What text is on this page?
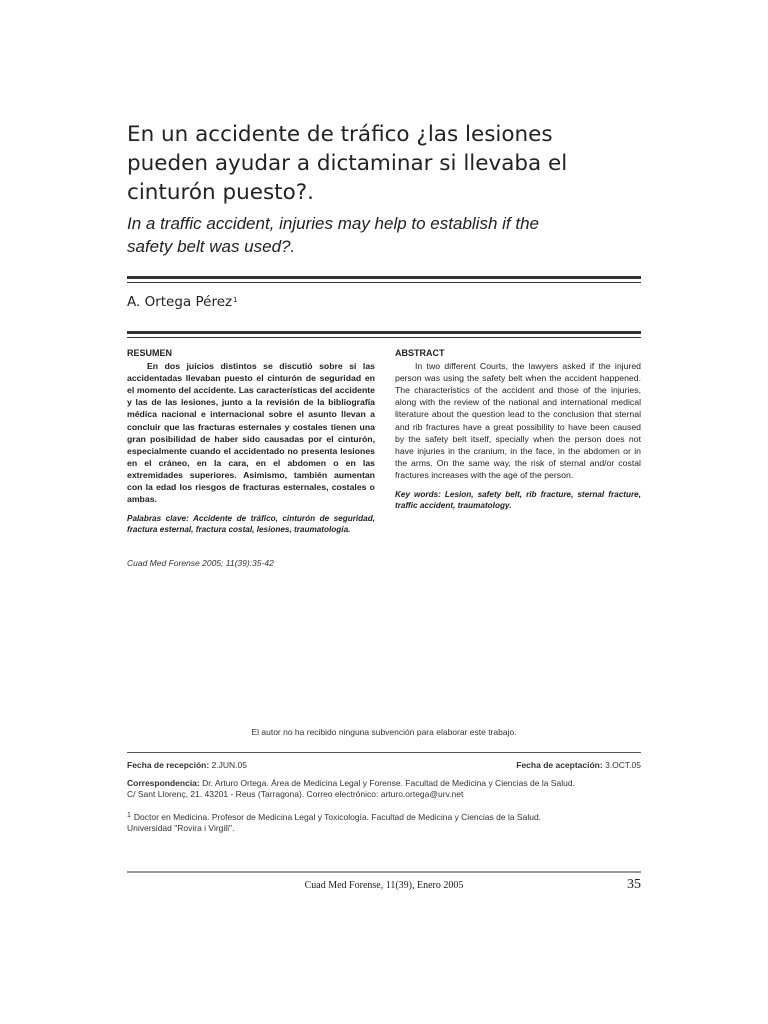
En un accidente de tráfico ¿las lesiones
pueden ayudar a dictaminar si llevaba el
cinturón puesto?.
In a traffic accident, injuries may help to establish if the
safety belt was used?.
A. Ortega Pérez$^1$
RESUMEN

En dos juicios distintos se discutió sobre si las accidentadas llevaban puesto el cinturón de seguridad en el momento del accidente. Las características del accidente y las de las lesiones, junto a la revisión de la bibliografía médica nacional e internacional sobre el asunto llevan a concluir que las fracturas esternales y costales tienen una gran posibilidad de haber sido causadas por el cinturón, especialmente cuando el accidentado no presenta lesiones en el cráneo, en la cara, en el abdomen o en las extremidades superiores. Asimismo, también aumentan con la edad los riesgos de fracturas esternales, costales o ambas.

Palabras clave: Accidente de tráfico, cinturón de seguridad, fractura esternal, fractura costal, lesiones, traumatología.
ABSTRACT

In two different Courts, the lawyers asked if the injured person was using the safety belt when the accident happened. The characteristics of the accident and those of the injuries, along with the review of the national and international medical literature about the question lead to the conclusion that sternal and rib fractures have a great possibility to have been caused by the safety belt itself, specially when the person does not have injuries in the cranium, in the face, in the abdomen or in the arms. On the same way, the risk of sternal and/or costal fractures increases with the age of the person.

Key words: Lesion, safety belt, rib fracture, sternal fracture, traffic accident, traumatology.
Cuad Med Forense 2005; 11(39):35-42
El autor no ha recibido ninguna subvención para elaborar este trabajo.
Fecha de recepción: 2.JUN.05	Fecha de aceptación: 3.OCT.05
Correspondencia: Dr. Arturo Ortega. Área de Medicina Legal y Forense. Facultad de Medicina y Ciencias de la Salud.
C/ Sant Llorenç, 21. 43201 - Reus (Tarragona). Correo electrónico: arturo.ortega@urv.net
$^1$ Doctor en Medicina. Profesor de Medicina Legal y Toxicología. Facultad de Medicina y Ciencias de la Salud.
Universidad "Rovira i Virgili".
Cuad Med Forense, 11(39), Enero 2005	35
